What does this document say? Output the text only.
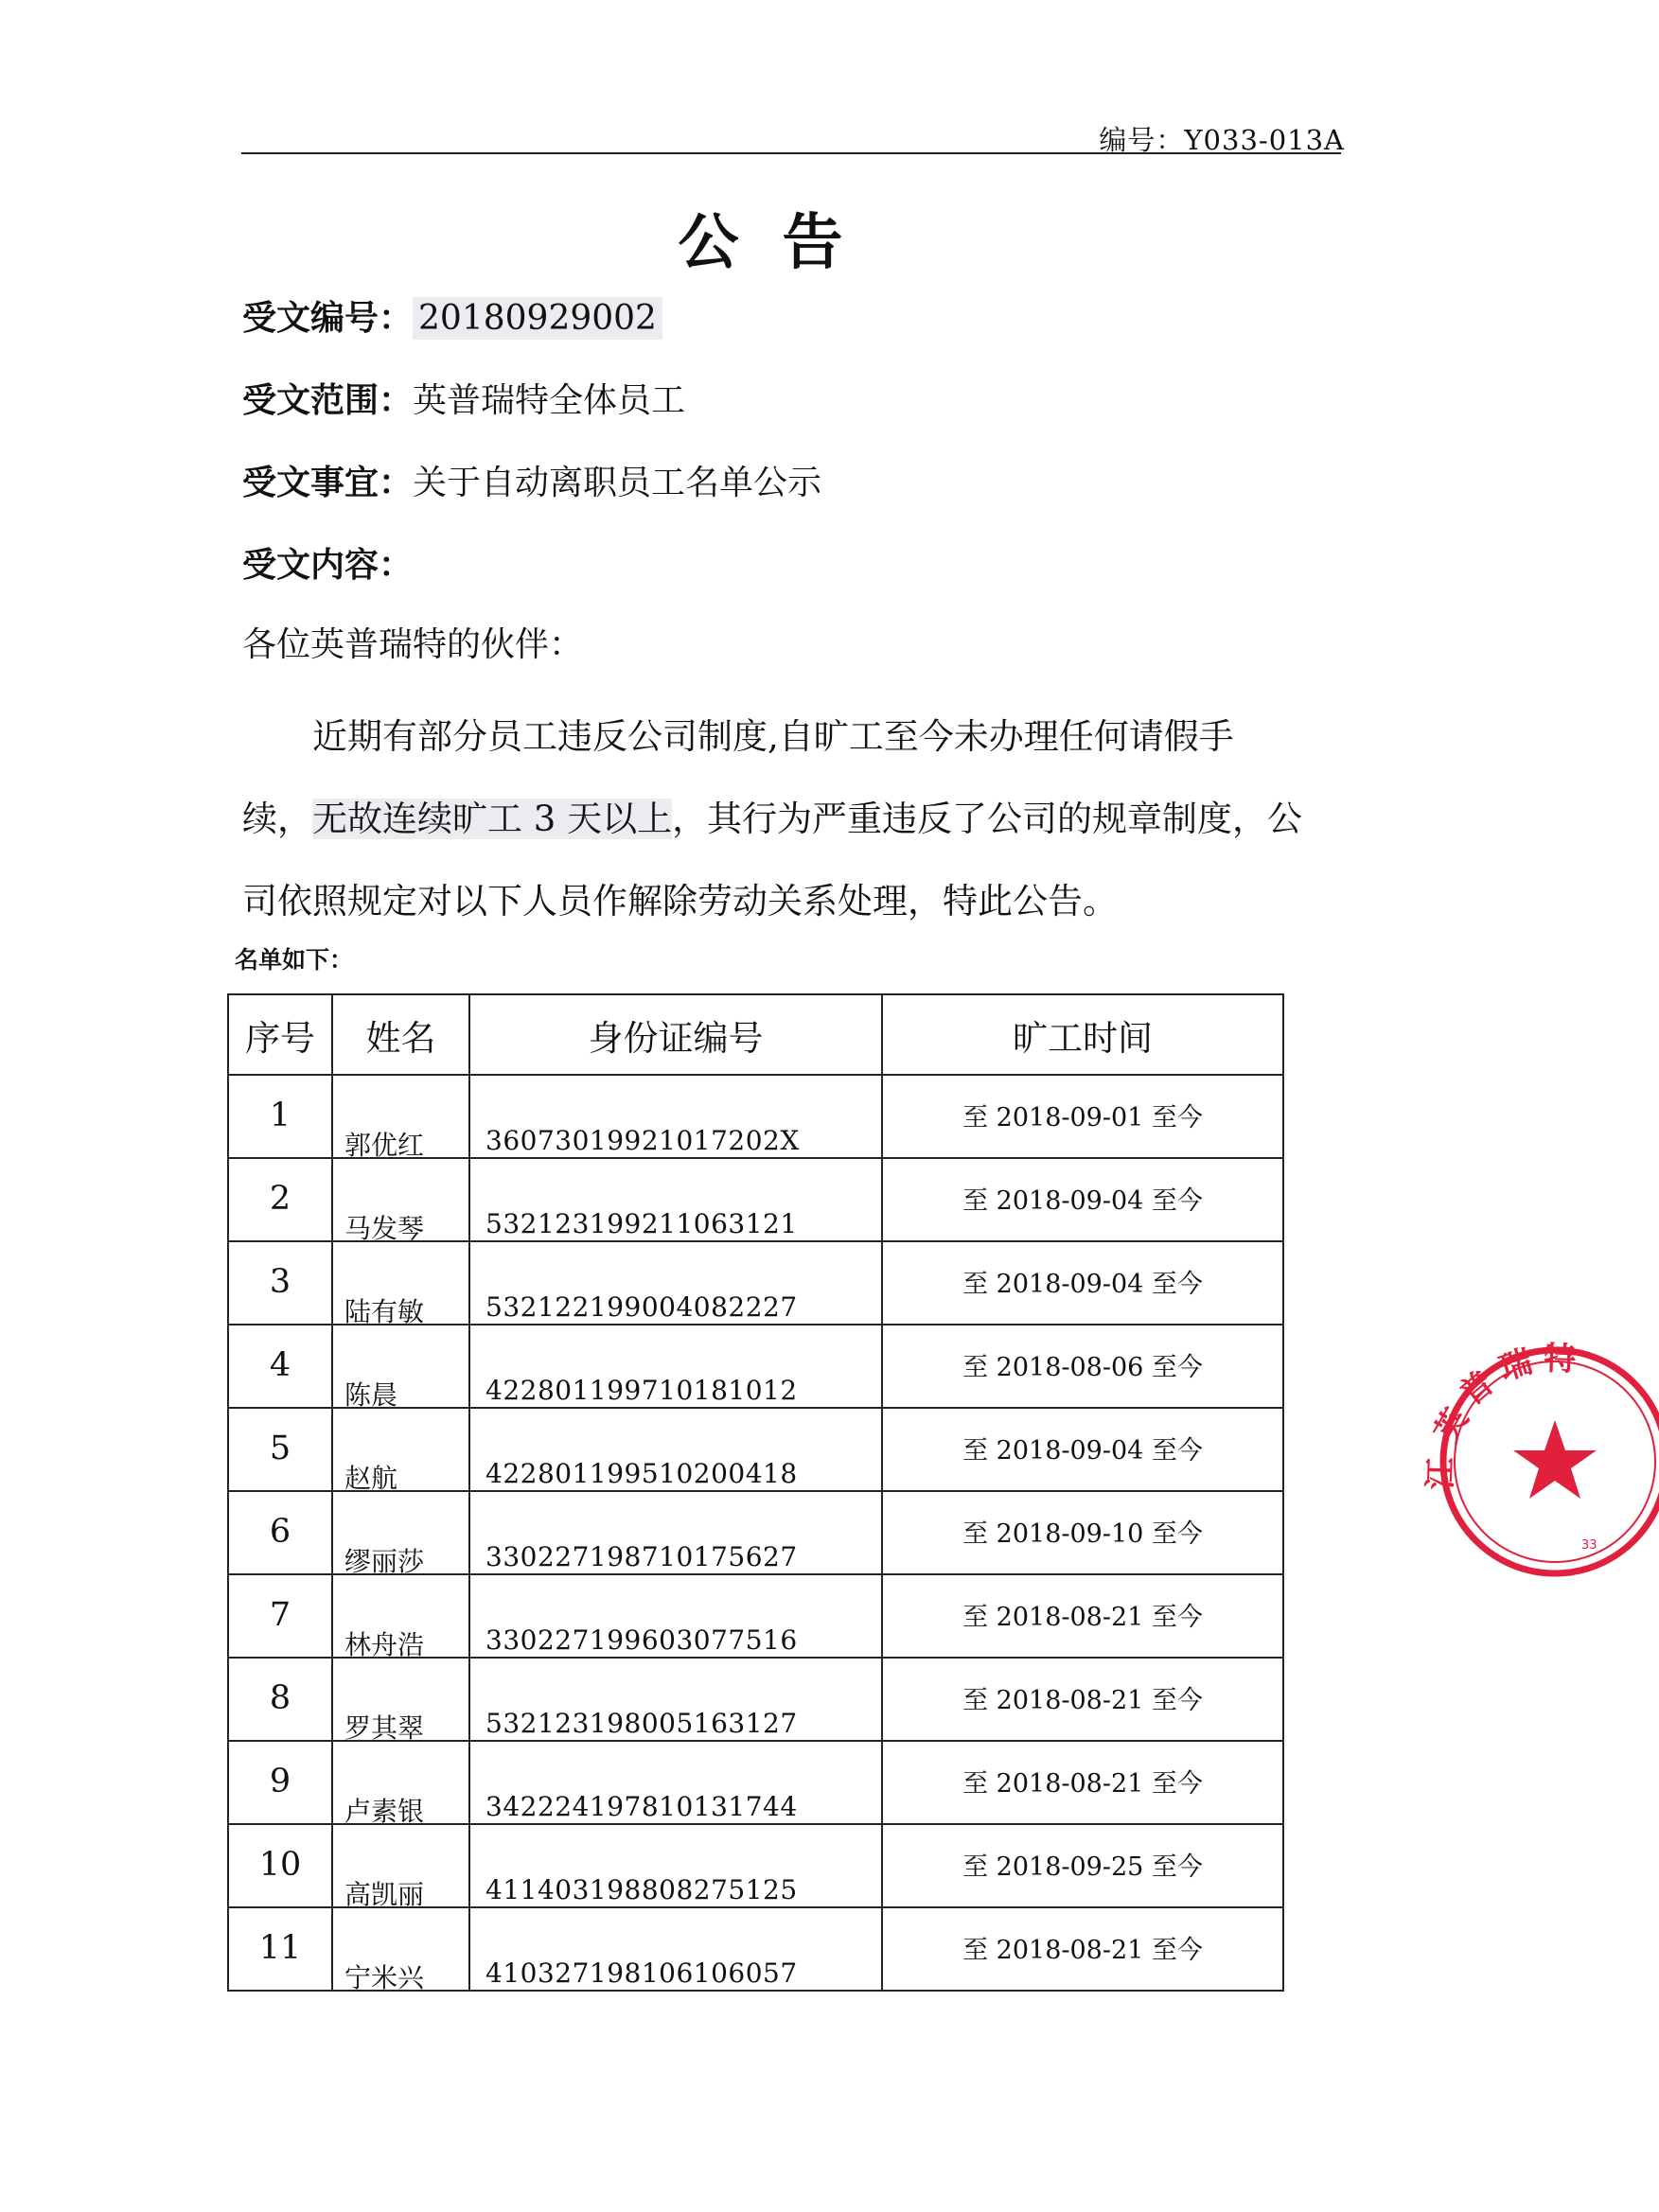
编号：Y033-013A
公告
受文编号： 20180929002
受文范围：英普瑞特全体员工
受文事宜：关于自动离职员工名单公示
受文内容：
各位英普瑞特的伙伴：
近期有部分员工违反公司制度,自旷工至今未办理任何请假手
续，无故连续旷工 3 天以上，其行为严重违反了公司的规章制度，公
司依照规定对以下人员作解除劳动关系处理，特此公告。
名单如下：
序号	姓名	身份证编号	旷工时间

1	郭优红	36073019921017202X	至 2018-09-01 至今

2	马发琴	532123199211063121	至 2018-09-04 至今

3	陆有敏	532122199004082227	至 2018-09-04 至今

4	陈晨	422801199710181012	至 2018-08-06 至今

5	赵航	422801199510200418	至 2018-09-04 至今

6	缪丽莎	330227198710175627	至 2018-09-10 至今

7	林舟浩	330227199603077516	至 2018-08-21 至今

8	罗其翠	532123198005163127	至 2018-08-21 至今

9	卢素银	342224197810131744	至 2018-08-21 至今

10	高凯丽	411403198808275125	至 2018-09-25 至今

11	宁米兴	410327198106106057	至 2018-08-21 至今
英
普
瑞 特
江
33
